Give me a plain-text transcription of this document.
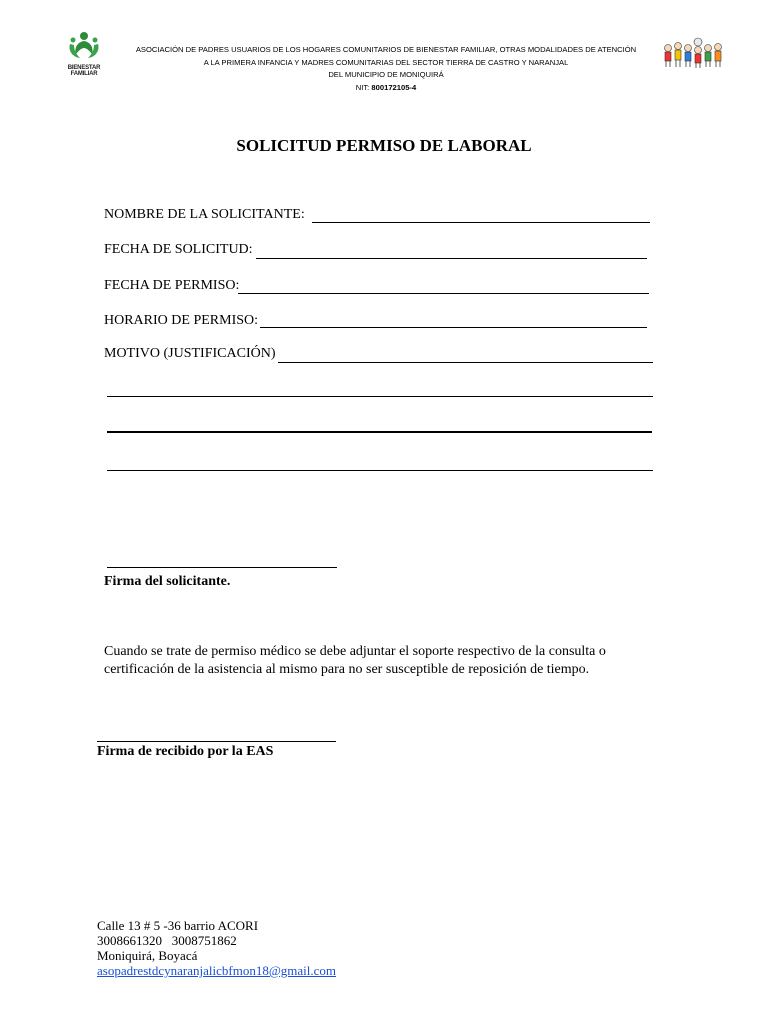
BIENESTAR
FAMILIAR
ASOCIACIÓN DE PADRES USUARIOS DE LOS HOGARES COMUNITARIOS DE BIENESTAR FAMILIAR, OTRAS MODALIDADES DE ATENCIÓN
A LA PRIMERA INFANCIA Y MADRES COMUNITARIAS DEL SECTOR TIERRA DE CASTRO Y NARANJAL
DEL MUNICIPIO DE MONIQUIRÁ
NIT: 800172105-4
SOLICITUD PERMISO DE LABORAL
NOMBRE DE LA SOLICITANTE:
FECHA DE SOLICITUD:
FECHA DE PERMISO:
HORARIO DE PERMISO:
MOTIVO (JUSTIFICACIÓN)
Firma del solicitante.
Cuando se trate de permiso médico se debe adjuntar el soporte respectivo de la consulta o certificación de la asistencia al mismo para no ser susceptible de reposición de tiempo.
Firma de recibido por la EAS
Calle 13 # 5 -36 barrio ACORI
3008661320   3008751862
Moniquirá, Boyacá
asopadrestdcynaranjalicbfmon18@gmail.com
